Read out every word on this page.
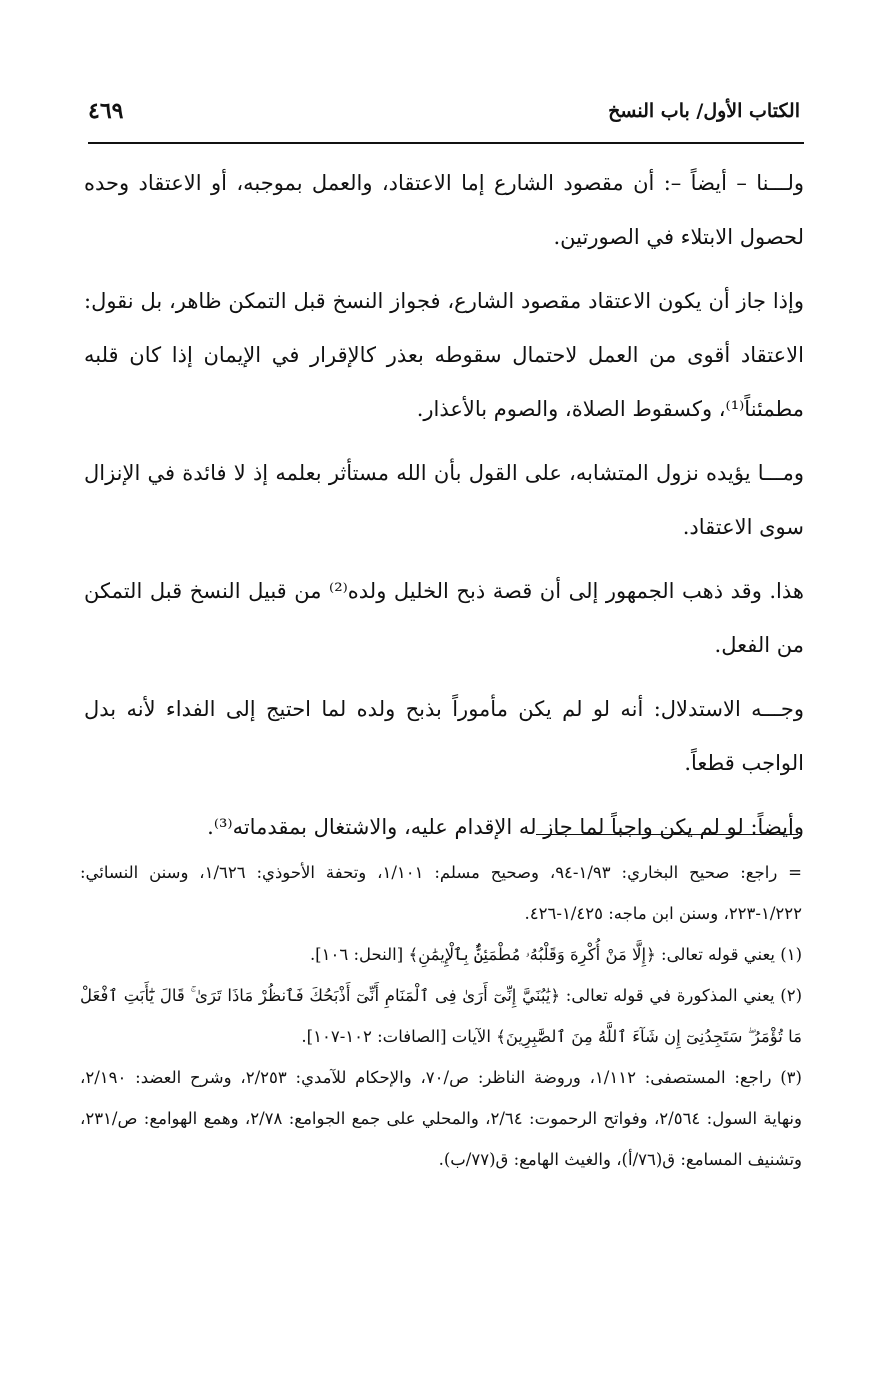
الكتاب الأول/ باب النسخ
٤٦٩

ولـــنا – أيضاً –: أن مقصود الشارع إما الاعتقاد، والعمل بموجبه، أو الاعتقاد وحده لحصول الابتلاء في الصورتين.

وإذا جاز أن يكون الاعتقاد مقصود الشارع، فجواز النسخ قبل التمكن ظاهر، بل نقول: الاعتقاد أقوى من العمل لاحتمال سقوطه بعذر كالإقرار في الإيمان إذا كان قلبه مطمئناً⁽¹⁾، وكسقوط الصلاة، والصوم بالأعذار.

ومـــا يؤيده نزول المتشابه، على القول بأن الله مستأثر بعلمه إذ لا فائدة في الإنزال سوى الاعتقاد.

هذا. وقد ذهب الجمهور إلى أن قصة ذبح الخليل ولده⁽²⁾ من قبيل النسخ قبل التمكن من الفعل.

وجـــه الاستدلال: أنه لو لم يكن مأموراً بذبح ولده لما احتيج إلى الفداء لأنه بدل الواجب قطعاً.

وأيضاً: لو لم يكن واجباً لما جاز له الإقدام عليه، والاشتغال بمقدماته⁽³⁾.

= راجع: صحيح البخاري: ١/٩٣-٩٤، وصحيح مسلم: ١/١٠١، وتحفة الأحوذي: ١/٦٢٦، وسنن النسائي: ١/٢٢٢-٢٢٣، وسنن ابن ماجه: ١/٤٢٥-٤٢٦.

(١) يعني قوله تعالى: ﴿إِلَّا مَنْ أُكْرِهَ وَقَلْبُهُۥ مُطْمَئِنٌّۢ بِٱلْإِيمَٰنِ﴾ [النحل: ١٠٦].

(٢) يعني المذكورة في قوله تعالى: ﴿يَٰبُنَيَّ إِنِّىٓ أَرَىٰ فِى ٱلْمَنَامِ أَنِّىٓ أَذْبَحُكَ فَٱنظُرْ مَاذَا تَرَىٰ ۚ قَالَ يَٰٓأَبَتِ ٱفْعَلْ مَا تُؤْمَرُ ۖ سَتَجِدُنِىٓ إِن شَآءَ ٱللَّهُ مِنَ ٱلصَّٰبِرِينَ﴾ الآيات [الصافات: ١٠٢-١٠٧].

(٣) راجع: المستصفى: ١/١١٢، وروضة الناظر: ص/٧٠، والإحكام للآمدي: ٢/٢٥٣، وشرح العضد: ٢/١٩٠، ونهاية السول: ٢/٥٦٤، وفواتح الرحموت: ٢/٦٤، والمحلي على جمع الجوامع: ٢/٧٨، وهمع الهوامع: ص/٢٣١، وتشنيف المسامع: ق(٧٦/أ)، والغيث الهامع: ق(٧٧/ب).
